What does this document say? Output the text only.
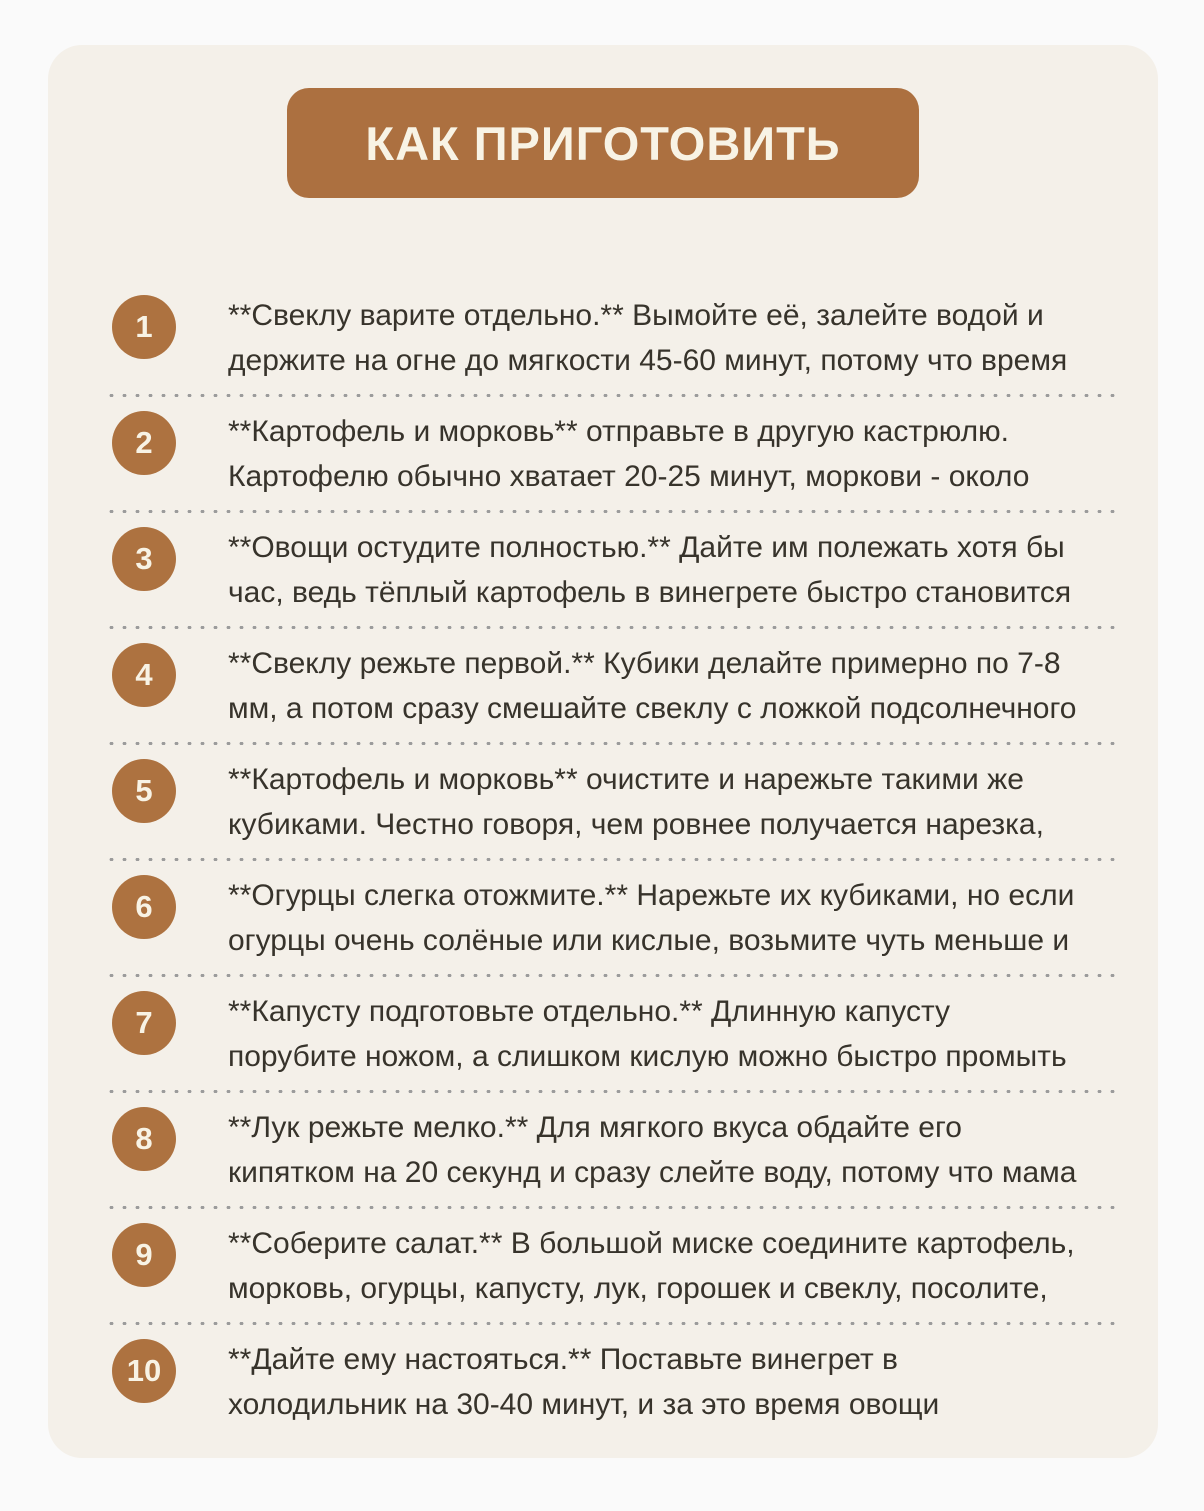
КАК ПРИГОТОВИТЬ
1	**Свеклу варите отдельно.** Вымойте её, залейте водой и
держите на огне до мягкости 45-60 минут, потому что время
2	**Картофель и морковь** отправьте в другую кастрюлю.
Картофелю обычно хватает 20-25 минут, моркови - около
3	**Овощи остудите полностью.** Дайте им полежать хотя бы
час, ведь тёплый картофель в винегрете быстро становится
4	**Свеклу режьте первой.** Кубики делайте примерно по 7-8
мм, а потом сразу смешайте свеклу с ложкой подсолнечного
5	**Картофель и морковь** очистите и нарежьте такими же
кубиками. Честно говоря, чем ровнее получается нарезка,
6	**Огурцы слегка отожмите.** Нарежьте их кубиками, но если
огурцы очень солёные или кислые, возьмите чуть меньше и
7	**Капусту подготовьте отдельно.** Длинную капусту
порубите ножом, а слишком кислую можно быстро промыть
8	**Лук режьте мелко.** Для мягкого вкуса обдайте его
кипятком на 20 секунд и сразу слейте воду, потому что мама
9	**Соберите салат.** В большой миске соедините картофель,
морковь, огурцы, капусту, лук, горошек и свеклу, посолите,
10	**Дайте ему настояться.** Поставьте винегрет в
холодильник на 30-40 минут, и за это время овощи
